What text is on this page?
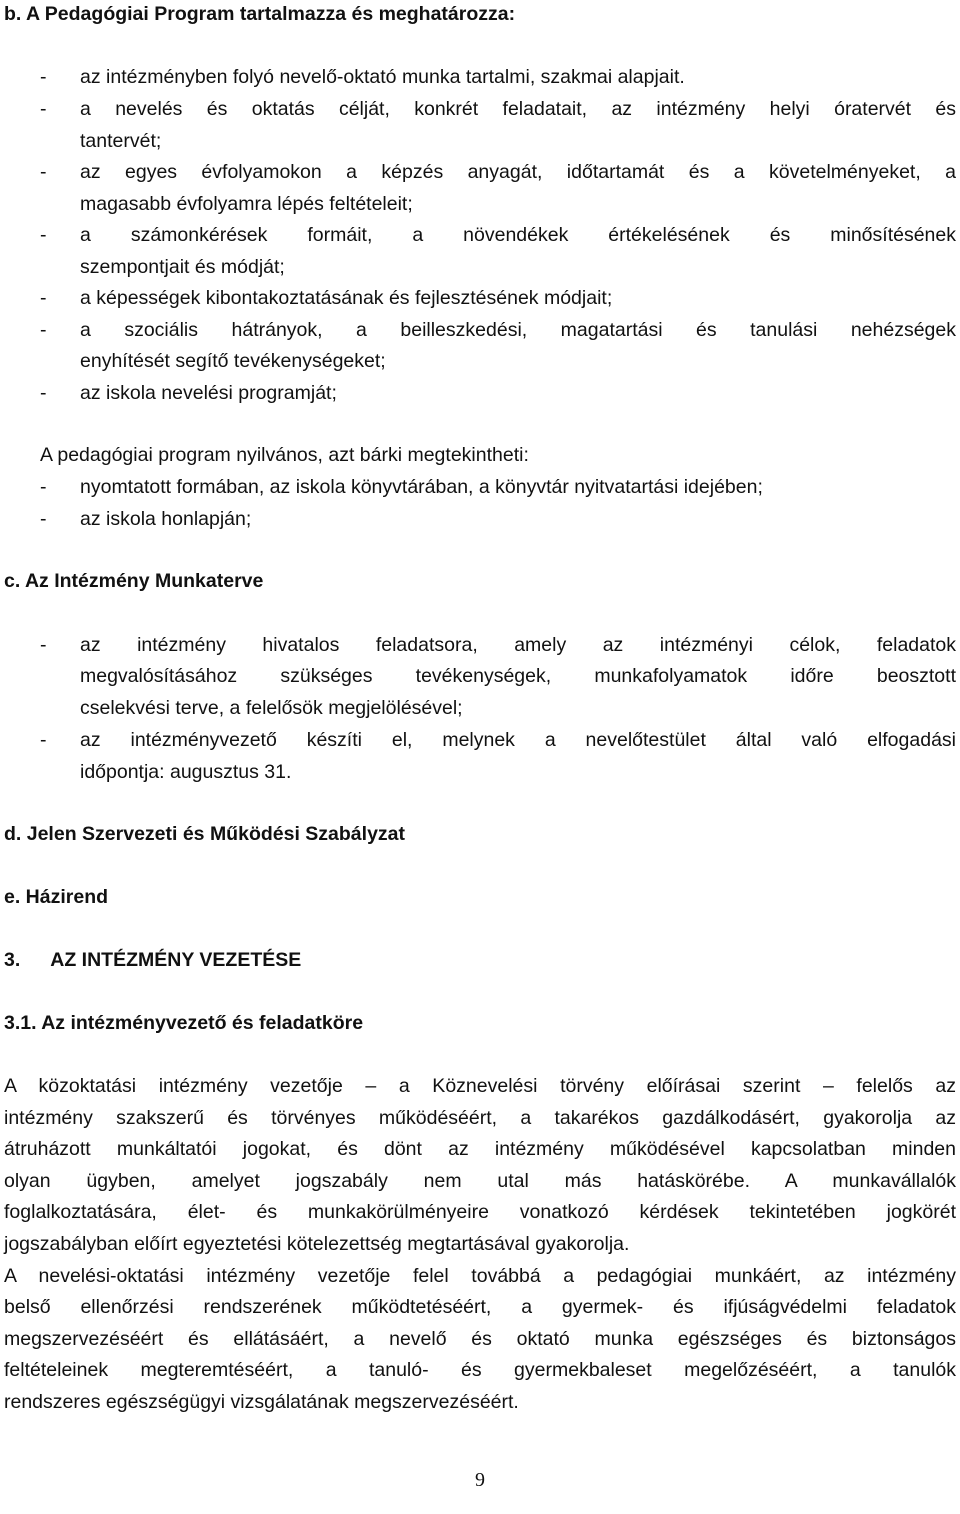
b. A Pedagógiai Program tartalmazza és meghatározza:
- az intézményben folyó nevelő-oktató munka tartalmi, szakmai alapjait.
- a nevelés és oktatás célját, konkrét feladatait, az intézmény helyi óratervét és
tantervét;
- az egyes évfolyamokon a képzés anyagát, időtartamát és a követelményeket, a
magasabb évfolyamra lépés feltételeit;
- a számonkérések formáit, a növendékek értékelésének és minősítésének
szempontjait és módját;
- a képességek kibontakoztatásának és fejlesztésének módjait;
- a szociális hátrányok, a beilleszkedési, magatartási és tanulási nehézségek
enyhítését segítő tevékenységeket;
- az iskola nevelési programját;
A pedagógiai program nyilvános, azt bárki megtekintheti:
- nyomtatott formában, az iskola könyvtárában, a könyvtár nyitvatartási idejében;
- az iskola honlapján;
c. Az Intézmény Munkaterve
- az intézmény hivatalos feladatsora, amely az intézményi célok, feladatok
megvalósításához szükséges tevékenységek, munkafolyamatok időre beosztott
cselekvési terve, a felelősök megjelölésével;
- az intézményvezető készíti el, melynek a nevelőtestület által való elfogadási
időpontja: augusztus 31.
d. Jelen Szervezeti és Működési Szabályzat
e. Házirend
3. AZ INTÉZMÉNY VEZETÉSE
3.1. Az intézményvezető és feladatköre
A közoktatási intézmény vezetője – a Köznevelési törvény előírásai szerint – felelős az
intézmény szakszerű és törvényes működéséért, a takarékos gazdálkodásért, gyakorolja az
átruházott munkáltatói jogokat, és dönt az intézmény működésével kapcsolatban minden
olyan ügyben, amelyet jogszabály nem utal más hatáskörébe. A munkavállalók
foglalkoztatására, élet- és munkakörülményeire vonatkozó kérdések tekintetében jogkörét
jogszabályban előírt egyeztetési kötelezettség megtartásával gyakorolja.
A nevelési-oktatási intézmény vezetője felel továbbá a pedagógiai munkáért, az intézmény
belső ellenőrzési rendszerének működtetéséért, a gyermek- és ifjúságvédelmi feladatok
megszervezéséért és ellátásáért, a nevelő és oktató munka egészséges és biztonságos
feltételeinek megteremtéséért, a tanuló- és gyermekbaleset megelőzéséért, a tanulók
rendszeres egészségügyi vizsgálatának megszervezéséért.
9
